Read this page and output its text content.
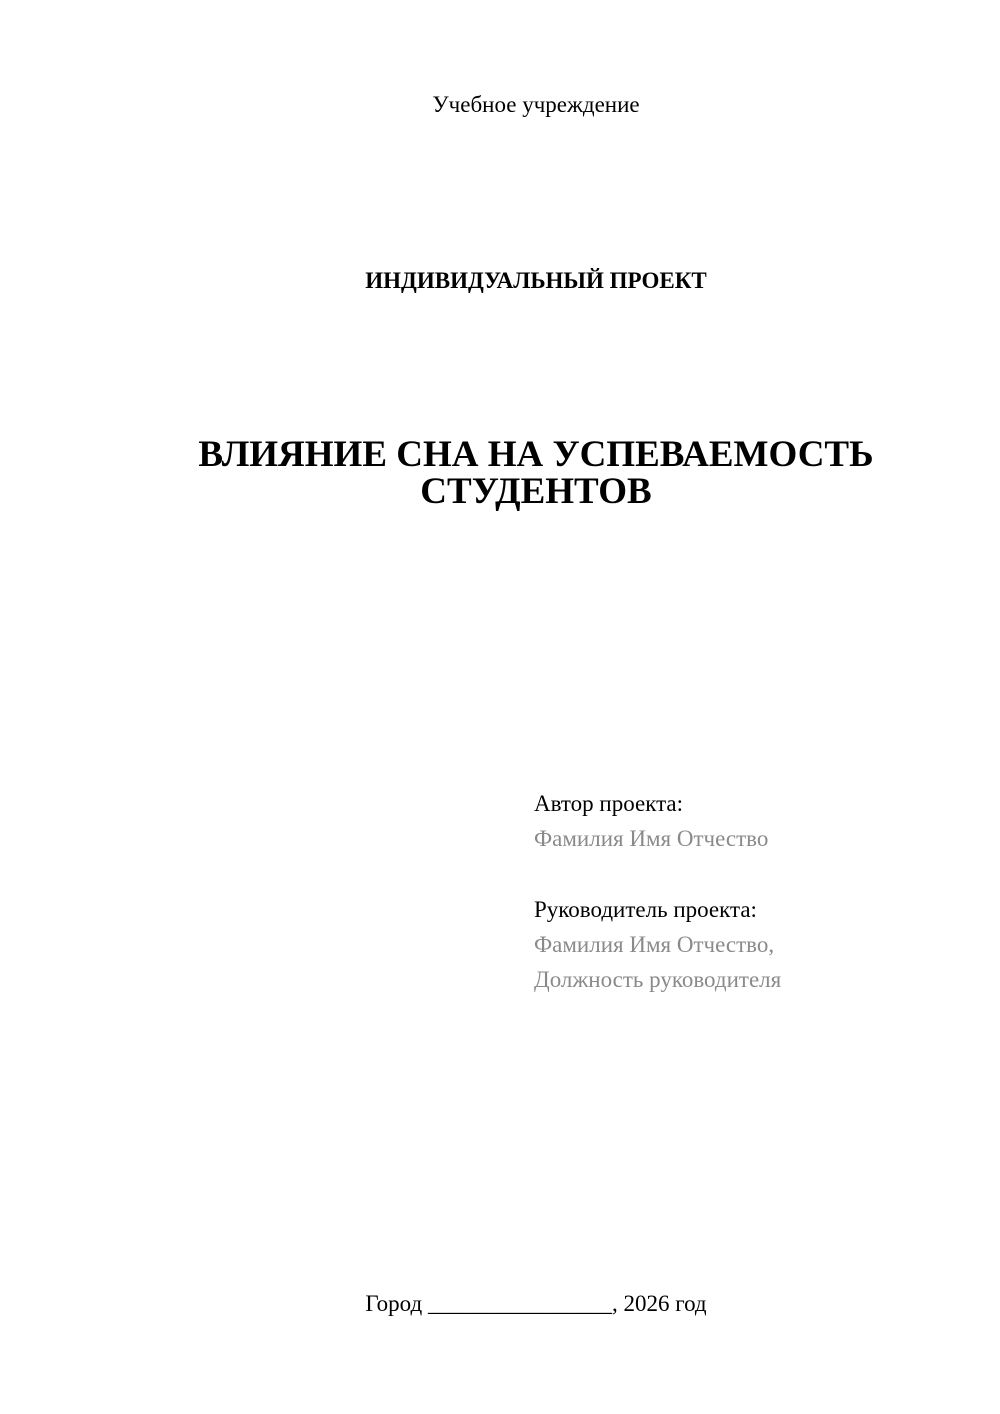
Учебное учреждение
ИНДИВИДУАЛЬНЫЙ ПРОЕКТ
ВЛИЯНИЕ СНА НА УСПЕВАЕМОСТЬ
СТУДЕНТОВ
Автор проекта:
Фамилия Имя Отчество
Руководитель проекта:
Фамилия Имя Отчество,
Должность руководителя
Город ________________, 2026 год
